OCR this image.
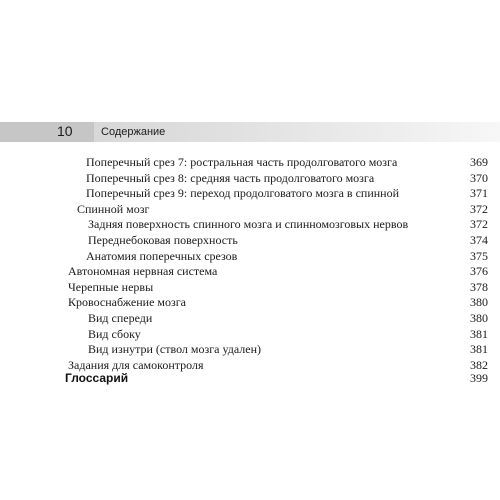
10	Содержание
Поперечный срез 7: ростральная часть продолговатого мозга	369
Поперечный срез 8: средняя часть продолговатого мозга	370
Поперечный срез 9: переход продолговатого мозга в спинной	371
Спинной мозг	372
Задняя поверхность спинного мозга и спинномозговых нервов	372
Переднебоковая поверхность	374
Анатомия поперечных срезов	375
Автономная нервная система	376
Черепные нервы	378
Кровоснабжение мозга	380
Вид спереди	380
Вид сбоку	381
Вид изнутри (ствол мозга удален)	381
Задания для самоконтроля	382
Глоссарий	399
